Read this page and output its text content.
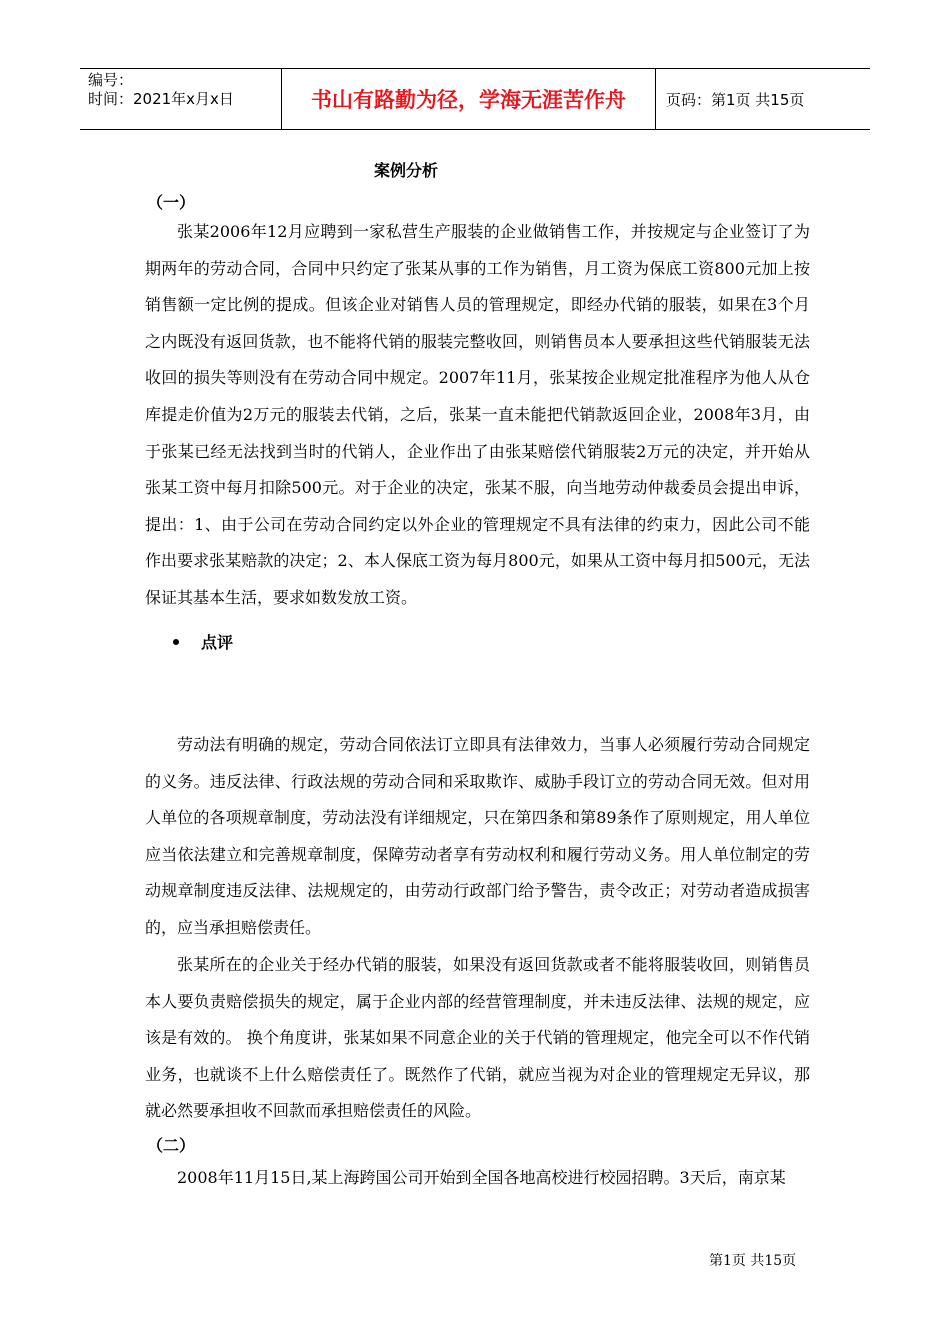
编号：
时间：2021年x月x日	书山有路勤为径，学海无涯苦作舟	页码：第1页 共15页
案例分析
（一）

张某2006年12月应聘到一家私营生产服装的企业做销售工作，并按规定与企业签订了为期两年的劳动合同，合同中只约定了张某从事的工作为销售，月工资为保底工资800元加上按销售额一定比例的提成。但该企业对销售人员的管理规定，即经办代销的服装，如果在3个月之内既没有返回货款，也不能将代销的服装完整收回，则销售员本人要承担这些代销服装无法收回的损失等则没有在劳动合同中规定。2007年11月，张某按企业规定批准程序为他人从仓库提走价值为2万元的服装去代销，之后，张某一直未能把代销款返回企业，2008年3月，由于张某已经无法找到当时的代销人，企业作出了由张某赔偿代销服装2万元的决定，并开始从张某工资中每月扣除500元。对于企业的决定，张某不服，向当地劳动仲裁委员会提出申诉，提出：1、由于公司在劳动合同约定以外企业的管理规定不具有法律的约束力，因此公司不能作出要求张某赔款的决定；2、本人保底工资为每月800元，如果从工资中每月扣500元，无法保证其基本生活，要求如数发放工资。

点评

劳动法有明确的规定，劳动合同依法订立即具有法律效力，当事人必须履行劳动合同规定的义务。违反法律、行政法规的劳动合同和采取欺诈、威胁手段订立的劳动合同无效。但对用人单位的各项规章制度，劳动法没有详细规定，只在第四条和第89条作了原则规定，用人单位应当依法建立和完善规章制度，保障劳动者享有劳动权利和履行劳动义务。用人单位制定的劳动规章制度违反法律、法规规定的，由劳动行政部门给予警告，责令改正；对劳动者造成损害的，应当承担赔偿责任。

张某所在的企业关于经办代销的服装，如果没有返回货款或者不能将服装收回，则销售员本人要负责赔偿损失的规定，属于企业内部的经营管理制度，并未违反法律、法规的规定，应该是有效的。 换个角度讲，张某如果不同意企业的关于代销的管理规定，他完全可以不作代销业务，也就谈不上什么赔偿责任了。既然作了代销，就应当视为对企业的管理规定无异议，那就必然要承担收不回款而承担赔偿责任的风险。

（二）

2008年11月15日,某上海跨国公司开始到全国各地高校进行校园招聘。3天后，南京某

第1页 共15页
